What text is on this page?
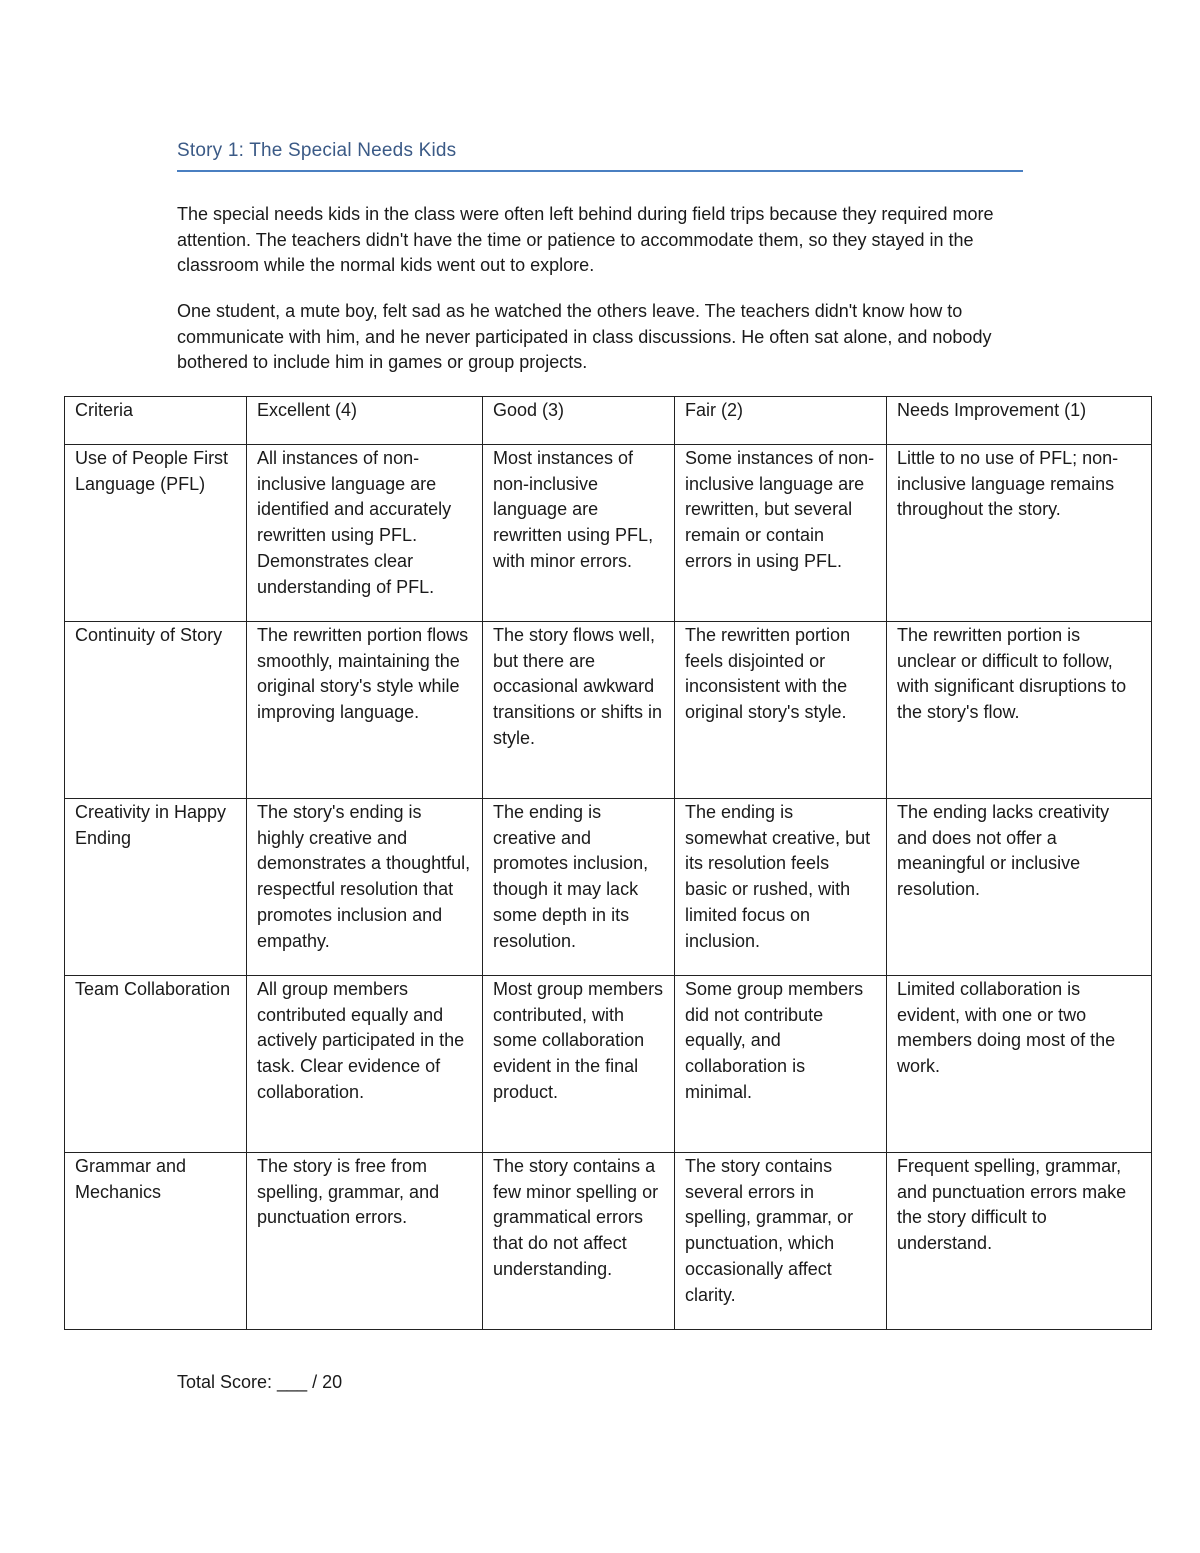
Story 1: The Special Needs Kids

The special needs kids in the class were often left behind during field trips because they required more attention. The teachers didn't have the time or patience to accommodate them, so they stayed in the classroom while the normal kids went out to explore.

One student, a mute boy, felt sad as he watched the others leave. The teachers didn't know how to communicate with him, and he never participated in class discussions. He often sat alone, and nobody bothered to include him in games or group projects.

Criteria	Excellent (4)	Good (3)	Fair (2)	Needs Improvement (1)
Use of People First Language (PFL)	All instances of non-inclusive language are identified and accurately rewritten using PFL. Demonstrates clear understanding of PFL.	Most instances of non-inclusive language are rewritten using PFL, with minor errors.	Some instances of non-inclusive language are rewritten, but several remain or contain errors in using PFL.	Little to no use of PFL; non-inclusive language remains throughout the story.
Continuity of Story	The rewritten portion flows smoothly, maintaining the original story's style while improving language.	The story flows well, but there are occasional awkward transitions or shifts in style.	The rewritten portion feels disjointed or inconsistent with the original story's style.	The rewritten portion is unclear or difficult to follow, with significant disruptions to the story's flow.
Creativity in Happy Ending	The story's ending is highly creative and demonstrates a thoughtful, respectful resolution that promotes inclusion and empathy.	The ending is creative and promotes inclusion, though it may lack some depth in its resolution.	The ending is somewhat creative, but its resolution feels basic or rushed, with limited focus on inclusion.	The ending lacks creativity and does not offer a meaningful or inclusive resolution.
Team Collaboration	All group members contributed equally and actively participated in the task. Clear evidence of collaboration.	Most group members contributed, with some collaboration evident in the final product.	Some group members did not contribute equally, and collaboration is minimal.	Limited collaboration is evident, with one or two members doing most of the work.
Grammar and Mechanics	The story is free from spelling, grammar, and punctuation errors.	The story contains a few minor spelling or grammatical errors that do not affect understanding.	The story contains several errors in spelling, grammar, or punctuation, which occasionally affect clarity.	Frequent spelling, grammar, and punctuation errors make the story difficult to understand.
Total Score: ___ / 20
